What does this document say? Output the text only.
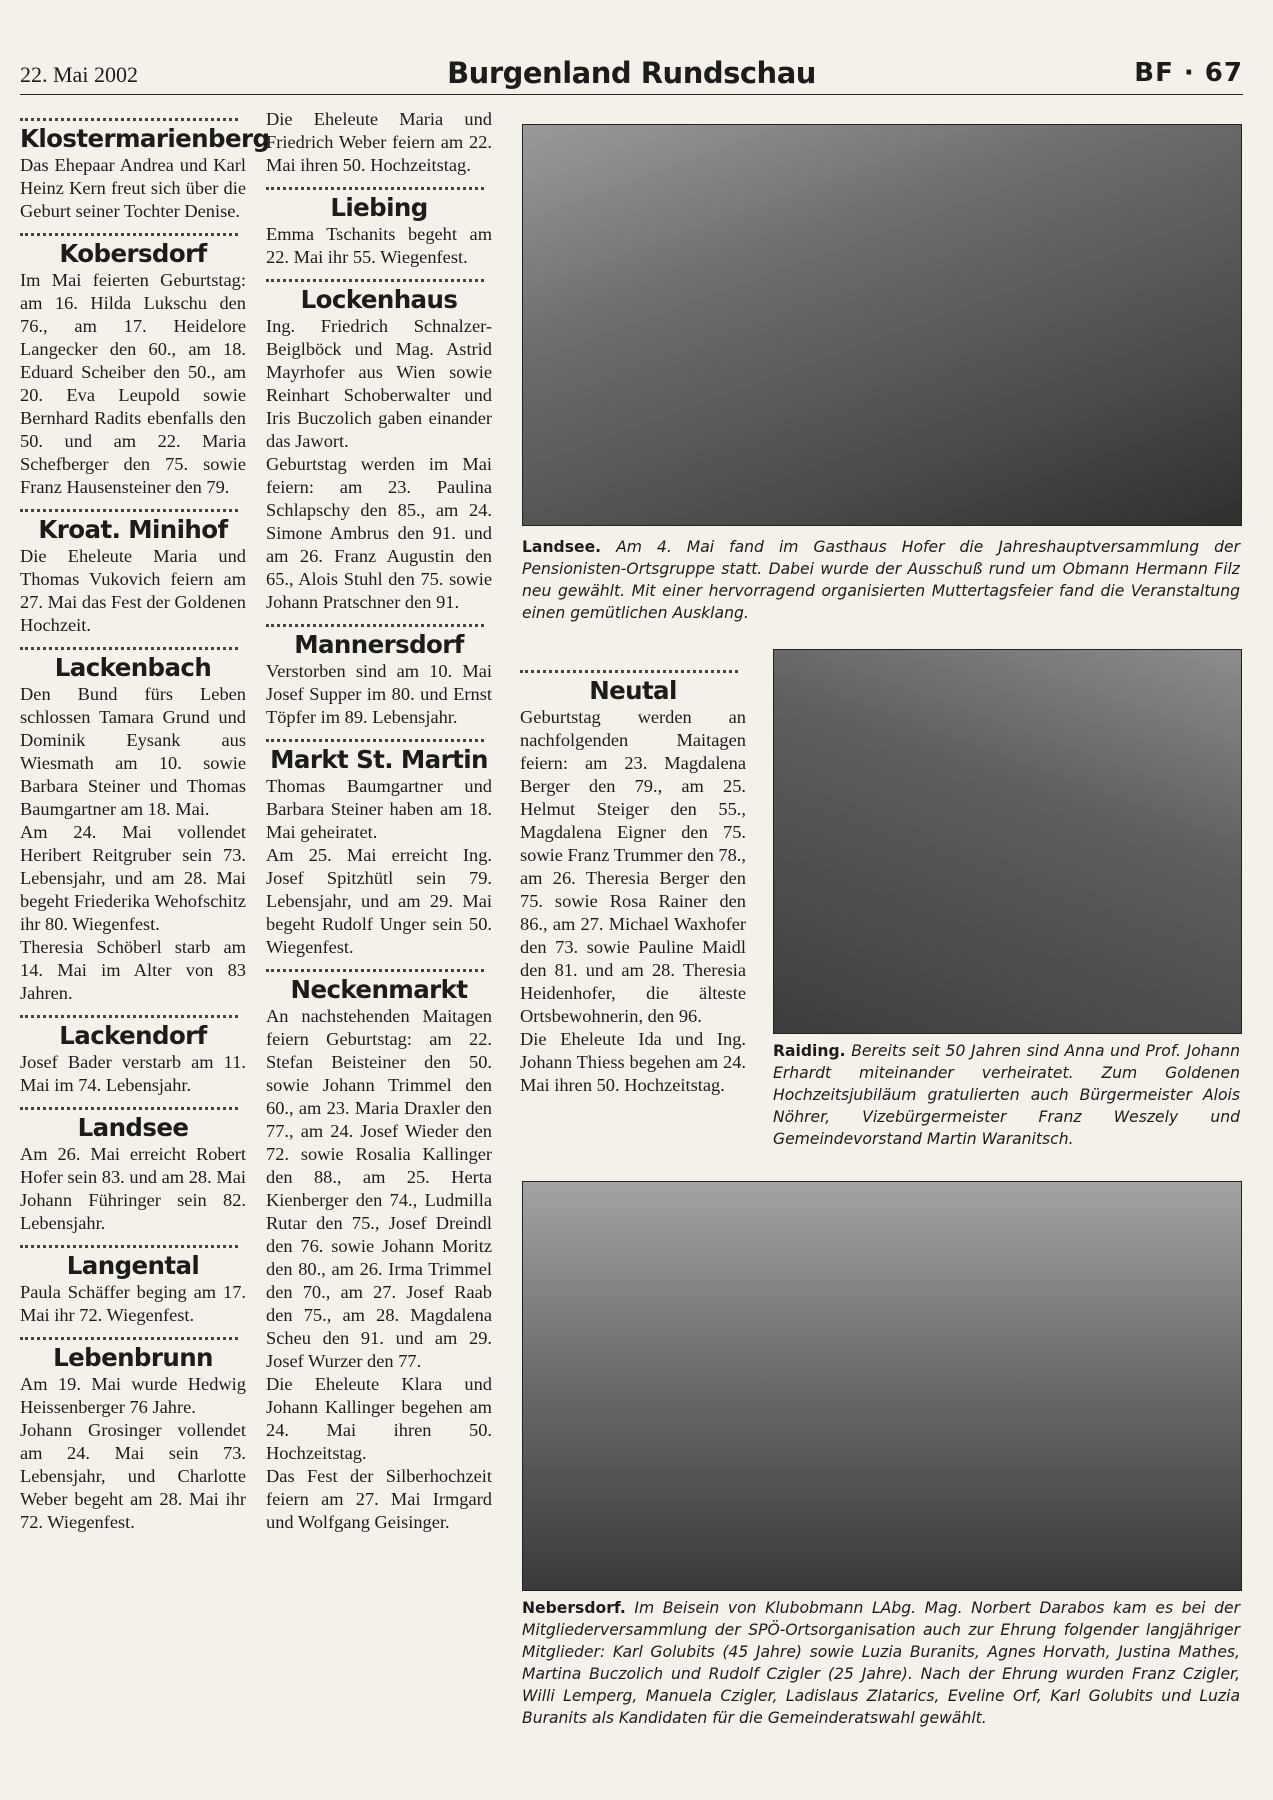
22. Mai 2002	Burgenland Rundschau	BF · 67
Klostermarienberg

Das Ehepaar Andrea und Karl Heinz Kern freut sich über die Geburt seiner Tochter Denise.

Kobersdorf

Im Mai feierten Geburtstag: am 16. Hilda Lukschu den 76., am 17. Heidelore Langecker den 60., am 18. Eduard Scheiber den 50., am 20. Eva Leupold sowie Bernhard Radits ebenfalls den 50. und am 22. Maria Schefberger den 75. sowie Franz Hausensteiner den 79.

Kroat. Minihof

Die Eheleute Maria und Thomas Vukovich feiern am 27. Mai das Fest der Goldenen Hochzeit.

Lackenbach

Den Bund fürs Leben schlossen Tamara Grund und Dominik Eysank aus Wiesmath am 10. sowie Barbara Steiner und Thomas Baumgartner am 18. Mai.

Am 24. Mai vollendet Heribert Reitgruber sein 73. Lebensjahr, und am 28. Mai begeht Friederika Wehofschitz ihr 80. Wiegenfest.

Theresia Schöberl starb am 14. Mai im Alter von 83 Jahren.

Lackendorf

Josef Bader verstarb am 11. Mai im 74. Lebensjahr.

Landsee

Am 26. Mai erreicht Robert Hofer sein 83. und am 28. Mai Johann Führinger sein 82. Lebensjahr.

Langental

Paula Schäffer beging am 17. Mai ihr 72. Wiegenfest.

Lebenbrunn

Am 19. Mai wurde Hedwig Heissenberger 76 Jahre.

Johann Grosinger vollendet am 24. Mai sein 73. Lebensjahr, und Charlotte Weber begeht am 28. Mai ihr 72. Wiegenfest.

Die Eheleute Maria und Friedrich Weber feiern am 22. Mai ihren 50. Hochzeitstag.

Liebing

Emma Tschanits begeht am 22. Mai ihr 55. Wiegenfest.

Lockenhaus

Ing. Friedrich Schnalzer-Beiglböck und Mag. Astrid Mayrhofer aus Wien sowie Reinhart Schoberwalter und Iris Buczolich gaben einander das Jawort.

Geburtstag werden im Mai feiern: am 23. Paulina Schlapschy den 85., am 24. Simone Ambrus den 91. und am 26. Franz Augustin den 65., Alois Stuhl den 75. sowie Johann Pratschner den 91.

Mannersdorf

Verstorben sind am 10. Mai Josef Supper im 80. und Ernst Töpfer im 89. Lebensjahr.

Markt St. Martin

Thomas Baumgartner und Barbara Steiner haben am 18. Mai geheiratet.

Am 25. Mai erreicht Ing. Josef Spitzhütl sein 79. Lebensjahr, und am 29. Mai begeht Rudolf Unger sein 50. Wiegenfest.

Neckenmarkt

An nachstehenden Maitagen feiern Geburtstag: am 22. Stefan Beisteiner den 50. sowie Johann Trimmel den 60., am 23. Maria Draxler den 77., am 24. Josef Wieder den 72. sowie Rosalia Kallinger den 88., am 25. Herta Kienberger den 74., Ludmilla Rutar den 75., Josef Dreindl den 76. sowie Johann Moritz den 80., am 26. Irma Trimmel den 70., am 27. Josef Raab den 75., am 28. Magdalena Scheu den 91. und am 29. Josef Wurzer den 77.

Die Eheleute Klara und Johann Kallinger begehen am 24. Mai ihren 50. Hochzeitstag.

Das Fest der Silberhochzeit feiern am 27. Mai Irmgard und Wolfgang Geisinger.

Neutal

Geburtstag werden an nachfolgenden Maitagen feiern: am 23. Magdalena Berger den 79., am 25. Helmut Steiger den 55., Magdalena Eigner den 75. sowie Franz Trummer den 78., am 26. Theresia Berger den 75. sowie Rosa Rainer den 86., am 27. Michael Waxhofer den 73. sowie Pauline Maidl den 81. und am 28. Theresia Heidenhofer, die älteste Ortsbewohnerin, den 96.

Die Eheleute Ida und Ing. Johann Thiess begehen am 24. Mai ihren 50. Hochzeitstag.

Landsee. Am 4. Mai fand im Gasthaus Hofer die Jahreshauptversammlung der Pensionisten-Ortsgruppe statt. Dabei wurde der Ausschuß rund um Obmann Hermann Filz neu gewählt. Mit einer hervorragend organisierten Muttertagsfeier fand die Veranstaltung einen gemütlichen Ausklang.
Raiding. Bereits seit 50 Jahren sind Anna und Prof. Johann Erhardt miteinander verheiratet. Zum Goldenen Hochzeitsjubiläum gratulierten auch Bürgermeister Alois Nöhrer, Vizebürgermeister Franz Weszely und Gemeindevorstand Martin Waranitsch.
Nebersdorf. Im Beisein von Klubobmann LAbg. Mag. Norbert Darabos kam es bei der Mitgliederversammlung der SPÖ-Ortsorganisation auch zur Ehrung folgender langjähriger Mitglieder: Karl Golubits (45 Jahre) sowie Luzia Buranits, Agnes Horvath, Justina Mathes, Martina Buczolich und Rudolf Czigler (25 Jahre). Nach der Ehrung wurden Franz Czigler, Willi Lemperg, Manuela Czigler, Ladislaus Zlatarics, Eveline Orf, Karl Golubits und Luzia Buranits als Kandidaten für die Gemeinderatswahl gewählt.
